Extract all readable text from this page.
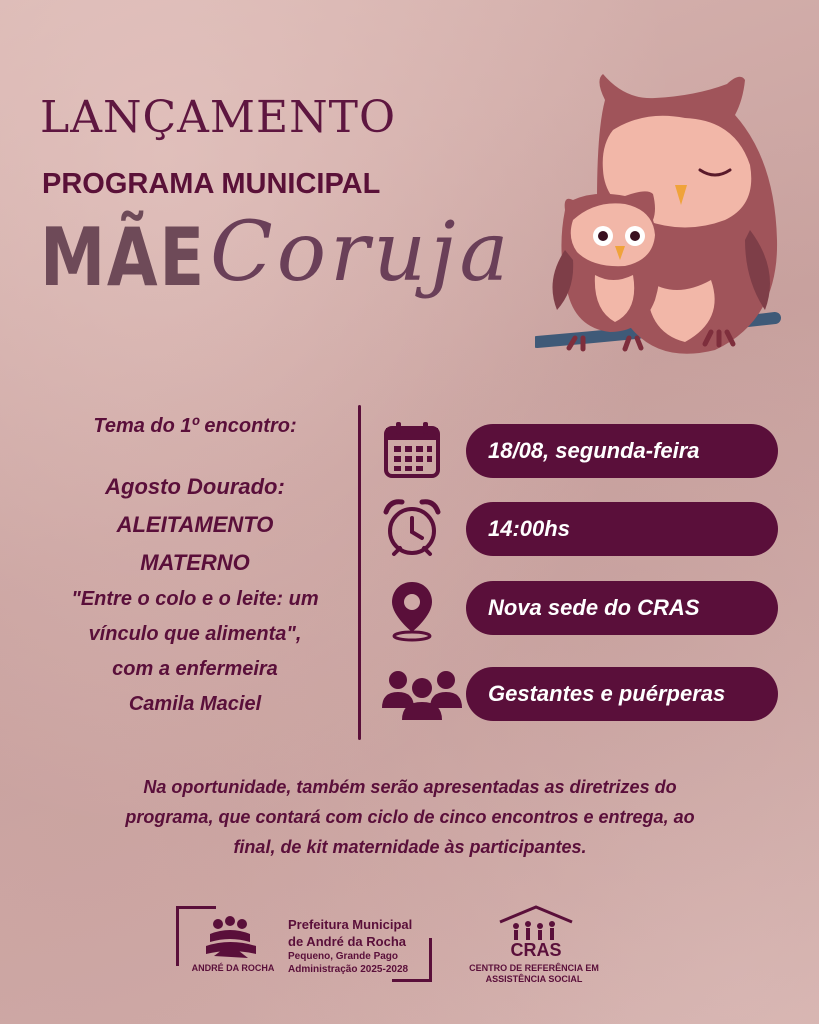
LANÇAMENTO
PROGRAMA MUNICIPAL
MÃE Coruja
Tema do 1º encontro:
Agosto Dourado:
ALEITAMENTO
MATERNO
"Entre o colo e o leite: um
vínculo que alimenta",
com a enfermeira
Camila Maciel
18/08, segunda-feira
14:00hs
Nova sede do CRAS
Gestantes e puérperas
Na oportunidade, também serão apresentadas as diretrizes do
programa, que contará com ciclo de cinco encontros e entrega, ao
final, de kit maternidade às participantes.
ANDRÉ DA ROCHA
Prefeitura Municipal
de André da Rocha
Pequeno, Grande Pago
Administração 2025-2028
CRAS
CENTRO DE REFERÊNCIA EM
ASSISTÊNCIA SOCIAL
